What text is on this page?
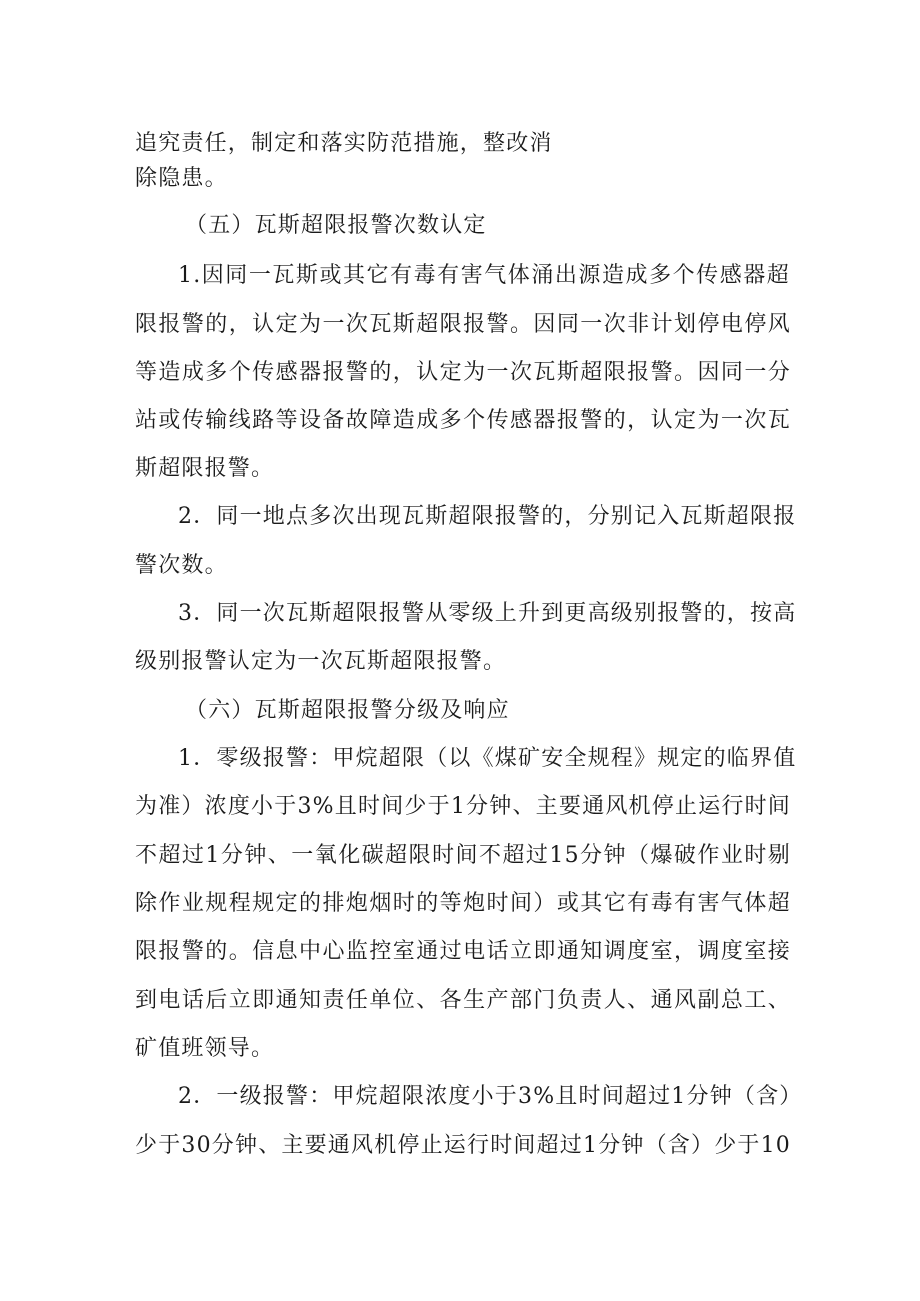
追究责任，制定和落实防范措施，整改消
除隐患。
（五）瓦斯超限报警次数认定
1.因同一瓦斯或其它有毒有害气体涌出源造成多个传感器超
限报警的，认定为一次瓦斯超限报警。因同一次非计划停电停风
等造成多个传感器报警的，认定为一次瓦斯超限报警。因同一分
站或传输线路等设备故障造成多个传感器报警的，认定为一次瓦
斯超限报警。
2．同一地点多次出现瓦斯超限报警的，分别记入瓦斯超限报
警次数。
3．同一次瓦斯超限报警从零级上升到更高级别报警的，按高
级别报警认定为一次瓦斯超限报警。
（六）瓦斯超限报警分级及响应
1．零级报警：甲烷超限（以《煤矿安全规程》规定的临界值
为准）浓度小于3%且时间少于1分钟、主要通风机停止运行时间
不超过1分钟、一氧化碳超限时间不超过15分钟（爆破作业时剔
除作业规程规定的排炮烟时的等炮时间）或其它有毒有害气体超
限报警的。信息中心监控室通过电话立即通知调度室，调度室接
到电话后立即通知责任单位、各生产部门负责人、通风副总工、
矿值班领导。
2．一级报警：甲烷超限浓度小于3%且时间超过1分钟（含）
少于30分钟、主要通风机停止运行时间超过1分钟（含）少于10
